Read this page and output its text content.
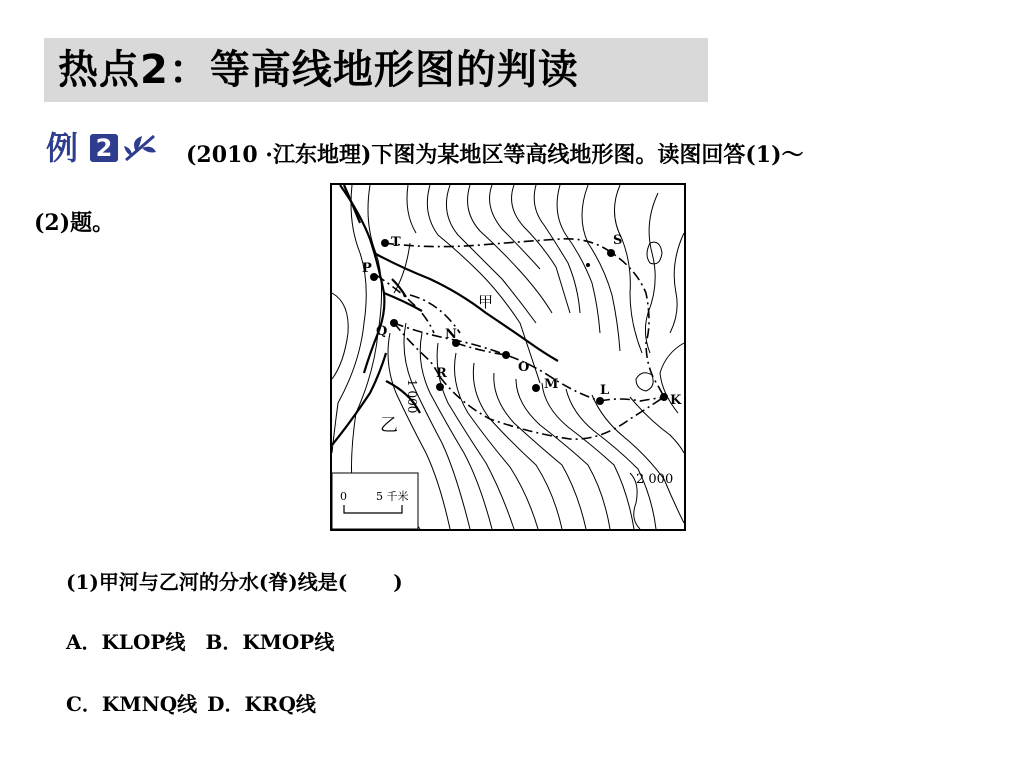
热点2：等高线地形图的判读
例 2	(2010 ·江东地理)下图为某地区等高线地形图。读图回答(1)～
(2)题。
T	S
P
Q	N
O
M
R
L
K
甲
乙
1 000
2 000
0	5 千米
(1)甲河与乙河的分水(脊)线是( )
A．KLOP线 B．KMOP线
C．KMNQ线 D．KRQ线
